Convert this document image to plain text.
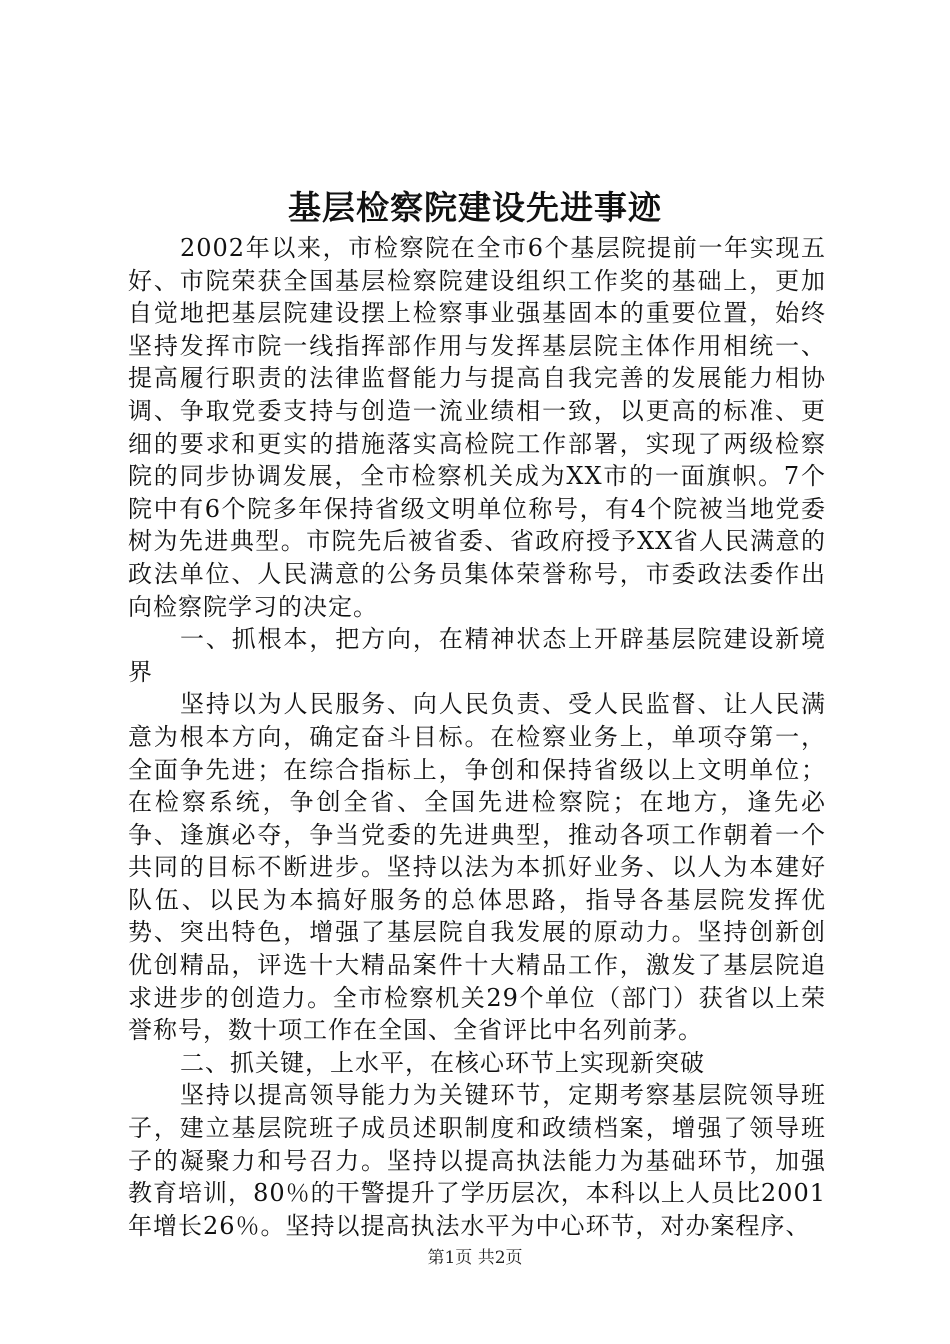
基层检察院建设先进事迹

2002年以来，市检察院在全市6个基层院提前一年实现五好、市院荣获全国基层检察院建设组织工作奖的基础上，更加自觉地把基层院建设摆上检察事业强基固本的重要位置，始终坚持发挥市院一线指挥部作用与发挥基层院主体作用相统一、提高履行职责的法律监督能力与提高自我完善的发展能力相协调、争取党委支持与创造一流业绩相一致，以更高的标准、更细的要求和更实的措施落实高检院工作部署，实现了两级检察院的同步协调发展，全市检察机关成为XX市的一面旗帜。7个院中有6个院多年保持省级文明单位称号，有4个院被当地党委树为先进典型。市院先后被省委、省政府授予XX省人民满意的政法单位、人民满意的公务员集体荣誉称号，市委政法委作出向检察院学习的决定。

一、抓根本，把方向，在精神状态上开辟基层院建设新境界

坚持以为人民服务、向人民负责、受人民监督、让人民满意为根本方向，确定奋斗目标。在检察业务上，单项夺第一，全面争先进；在综合指标上，争创和保持省级以上文明单位；在检察系统，争创全省、全国先进检察院；在地方，逢先必争、逢旗必夺，争当党委的先进典型，推动各项工作朝着一个共同的目标不断进步。坚持以法为本抓好业务、以人为本建好队伍、以民为本搞好服务的总体思路，指导各基层院发挥优势、突出特色，增强了基层院自我发展的原动力。坚持创新创优创精品，评选十大精品案件十大精品工作，激发了基层院追求进步的创造力。全市检察机关29个单位（部门）获省以上荣誉称号，数十项工作在全国、全省评比中名列前茅。

二、抓关键，上水平，在核心环节上实现新突破

坚持以提高领导能力为关键环节，定期考察基层院领导班子，建立基层院班子成员述职制度和政绩档案，增强了领导班子的凝聚力和号召力。坚持以提高执法能力为基础环节，加强教育培训，80％的干警提升了学历层次，本科以上人员比2001年增长26％。坚持以提高执法水平为中心环节，对办案程序、

第1页 共2页
